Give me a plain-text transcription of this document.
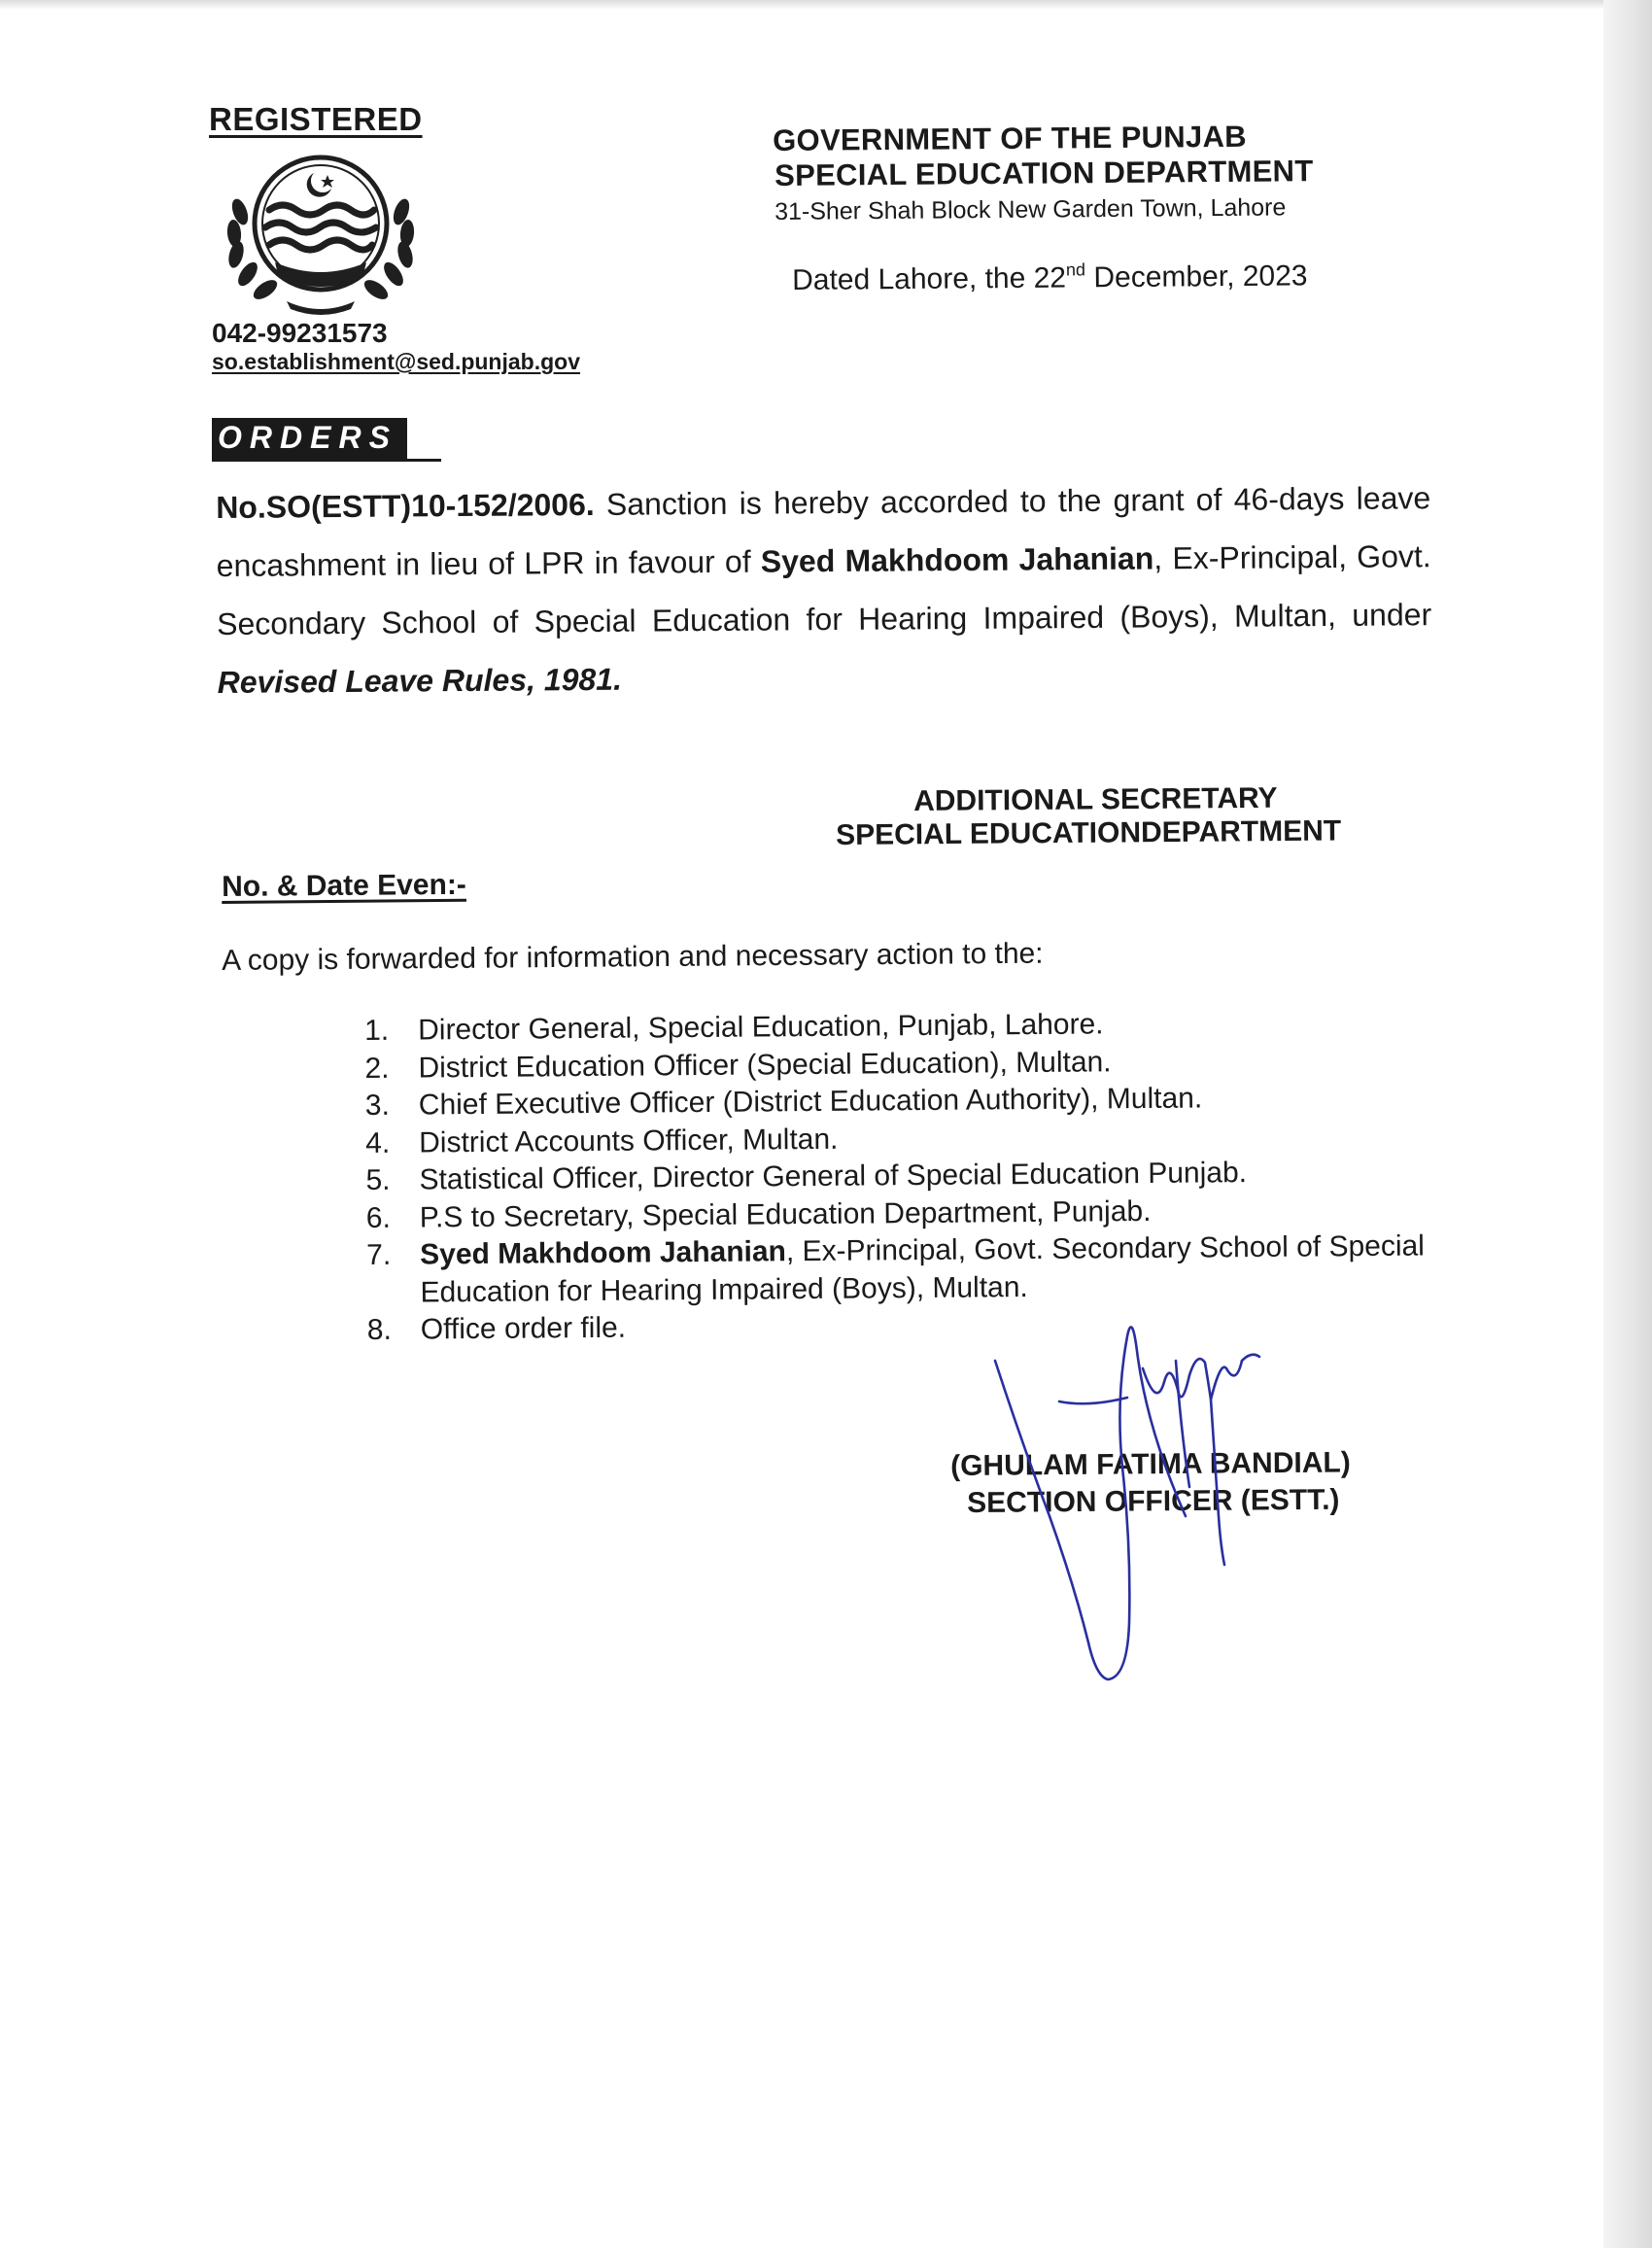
REGISTERED
042-99231573
so.establishment@sed.punjab.gov
GOVERNMENT OF THE PUNJAB
SPECIAL EDUCATION DEPARTMENT
31-Sher Shah Block New Garden Town, Lahore
Dated Lahore, the 22nd December, 2023
ORDERS
No.SO(ESTT)10-152/2006. Sanction is hereby accorded to the grant of 46-days leave encashment in lieu of LPR in favour of Syed Makhdoom Jahanian, Ex-Principal, Govt. Secondary School of Special Education for Hearing Impaired (Boys), Multan, under Revised Leave Rules, 1981.
ADDITIONAL SECRETARY
SPECIAL EDUCATIONDEPARTMENT
No. & Date Even:-
A copy is forwarded for information and necessary action to the:
1. Director General, Special Education, Punjab, Lahore.
2. District Education Officer (Special Education), Multan.
3. Chief Executive Officer (District Education Authority), Multan.
4. District Accounts Officer, Multan.
5. Statistical Officer, Director General of Special Education Punjab.
6. P.S to Secretary, Special Education Department, Punjab.
7. Syed Makhdoom Jahanian, Ex-Principal, Govt. Secondary School of Special Education for Hearing Impaired (Boys), Multan.
8. Office order file.
(GHULAM FATIMA BANDIAL)
SECTION OFFICER (ESTT.)
